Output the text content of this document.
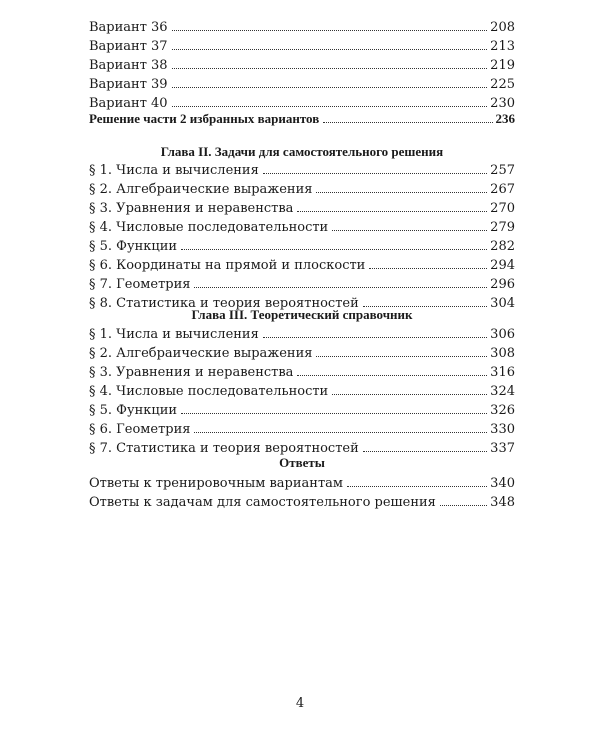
Вариант 36	208
Вариант 37	213
Вариант 38	219
Вариант 39	225
Вариант 40	230
Решение части 2 избранных вариантов	236
Глава II. Задачи для самостоятельного решения
§ 1. Числа и вычисления	257
§ 2. Алгебраические выражения	267
§ 3. Уравнения и неравенства	270
§ 4. Числовые последовательности	279
§ 5. Функции	282
§ 6. Координаты на прямой и плоскости	294
§ 7. Геометрия	296
§ 8. Статистика и теория вероятностей	304
Глава III. Теоретический справочник
§ 1. Числа и вычисления	306
§ 2. Алгебраические выражения	308
§ 3. Уравнения и неравенства	316
§ 4. Числовые последовательности	324
§ 5. Функции	326
§ 6. Геометрия	330
§ 7. Статистика и теория вероятностей	337
Ответы
Ответы к тренировочным вариантам	340
Ответы к задачам для самостоятельного решения	348
4
